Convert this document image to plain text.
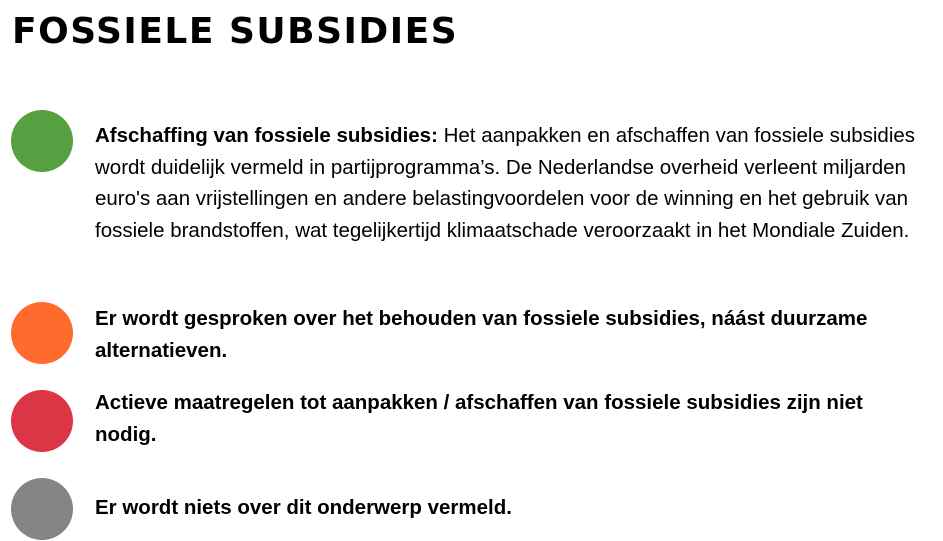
FOSSIELE SUBSIDIES

Afschaffing van fossiele subsidies: Het aanpakken en afschaffen van fossiele subsidies wordt duidelijk vermeld in partijprogramma’s. De Nederlandse overheid verleent miljarden euro's aan vrijstellingen en andere belastingvoordelen voor de winning en het gebruik van fossiele brandstoffen, wat tegelijkertijd klimaatschade veroorzaakt in het Mondiale Zuiden.

Er wordt gesproken over het behouden van fossiele subsidies, náást duurzame alternatieven.

Actieve maatregelen tot aanpakken / afschaffen van fossiele subsidies zijn niet nodig.

Er wordt niets over dit onderwerp vermeld.
